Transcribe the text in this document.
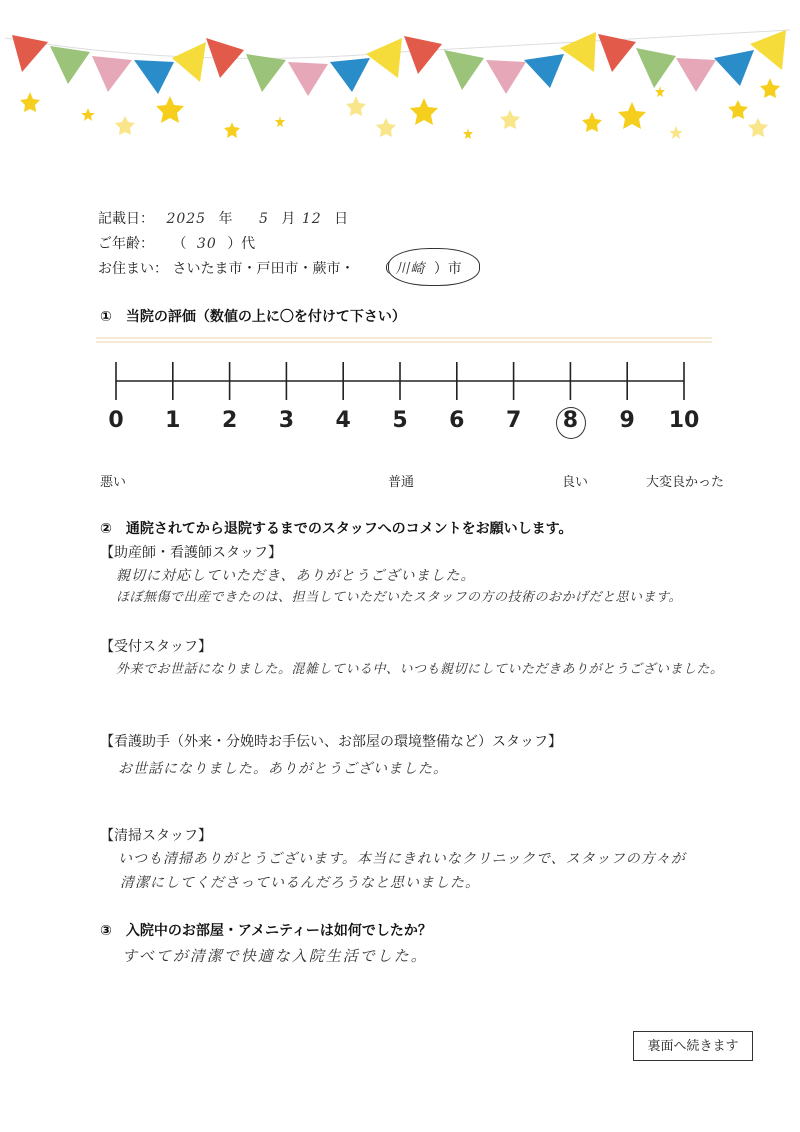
記載日： 2025 年 5 月 12 日
ご年齢： （ 30 ）代
お住まい： さいたま市・戸田市・蕨市・ （ 川崎 ）市
①　当院の評価（数値の上に〇を付けて下さい）
0	1	2	3	4	5	6	7	8	9	10
悪い	普通	良い	大変良かった
②　通院されてから退院するまでのスタッフへのコメントをお願いします。
【助産師・看護師スタッフ】
親切に対応していただき、ありがとうございました。
ほぼ無傷で出産できたのは、担当していただいたスタッフの方の技術のおかげだと思います。
【受付スタッフ】
外来でお世話になりました。混雑している中、いつも親切にしていただきありがとうございました。
【看護助手（外来・分娩時お手伝い、お部屋の環境整備など）スタッフ】
お世話になりました。ありがとうございました。
【清掃スタッフ】
いつも清掃ありがとうございます。本当にきれいなクリニックで、スタッフの方々が
清潔にしてくださっているんだろうなと思いました。
③　入院中のお部屋・アメニティーは如何でしたか？
すべてが清潔で快適な入院生活でした。
裏面へ続きます
